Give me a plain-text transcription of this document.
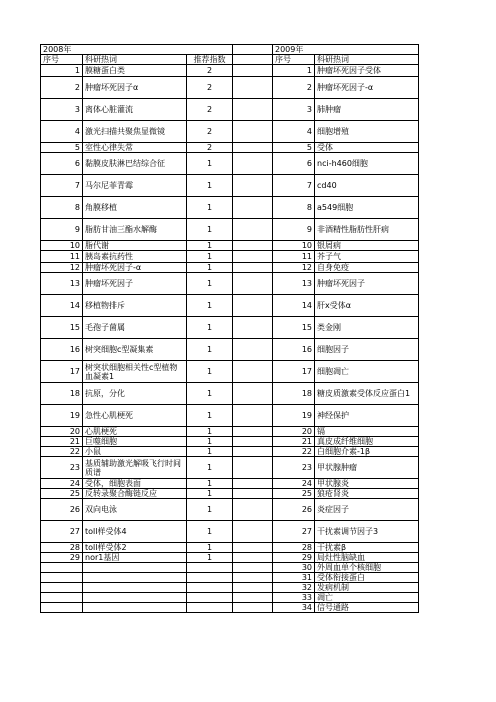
2008年				2009年	
序号	科研热词	推荐指数		序号	科研热词
1	膜糖蛋白类	2		1	肿瘤坏死因子受体
2	肿瘤坏死因子α	2		2	肿瘤坏死因子-α
3	离体心脏灌流	2		3	肺肿瘤
4	激光扫描共聚焦显微镜	2		4	细胞增殖
5	室性心律失常	2		5	受体
6	黏膜皮肤淋巴结综合征	1		6	nci-h460细胞
7	马尔尼菲青霉	1		7	cd40
8	角膜移植	1		8	a549细胞
9	脂肪甘油三酯水解酶	1		9	非酒精性脂肪性肝病
10	脂代谢	1		10	银屑病
11	胰岛素抗药性	1		11	芥子气
12	肿瘤坏死因子-α	1		12	自身免疫
13	肿瘤坏死因子	1		13	肿瘤坏死因子
14	移植物排斥	1		14	肝x受体α
15	毛孢子菌属	1		15	类金刚
16	树突细胞c型凝集素	1		16	细胞因子
17	树突状细胞相关性c型植物血凝素1	1		17	细胞凋亡
18	抗原，分化	1		18	糖皮质激素受体反应蛋白1
19	急性心肌梗死	1		19	神经保护
20	心肌梗死	1		20	镉
21	巨噬细胞	1		21	真皮成纤维细胞
22	小鼠	1		22	白细胞介素-1β
23	基质辅助激光解吸飞行时间质谱	1		23	甲状腺肿瘤
24	受体，细胞表面	1		24	甲状腺炎
25	反转录聚合酶链反应	1		25	狼疮肾炎
26	双向电泳	1		26	炎症因子
27	toll样受体4	1		27	干扰素调节因子3
28	toll样受体2	1		28	干扰素β
29	nor1基因	1		29	局灶性脑缺血
				30	外周血单个核细胞
				31	受体衔接蛋白
				32	发病机制
				33	凋亡
				34	信号通路
